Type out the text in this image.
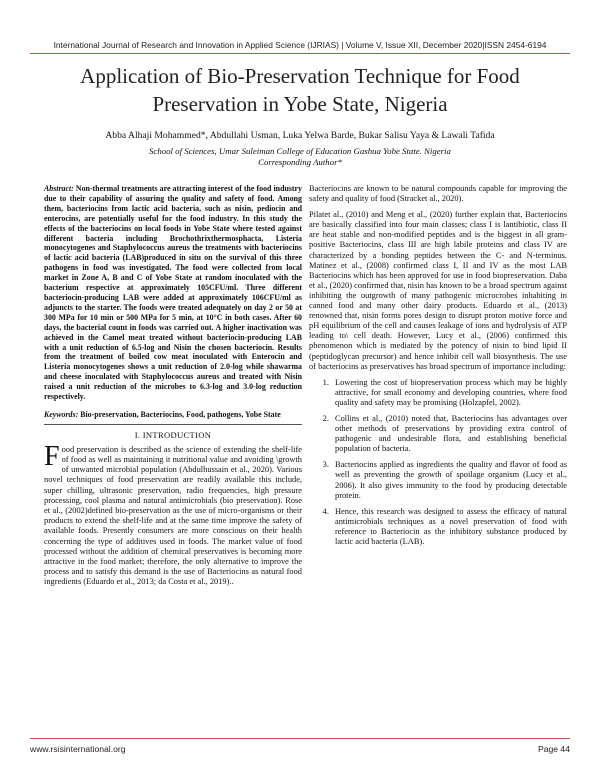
International Journal of Research and Innovation in Applied Science (IJRIAS) | Volume V, Issue XII, December 2020|ISSN 2454-6194
Application of Bio-Preservation Technique for Food
Preservation in Yobe State, Nigeria
Abba Alhaji Mohammed*, Abdullahi Usman, Luka Yelwa Barde, Bukar Salisu Yaya & Lawali Tafida
School of Sciences, Umar Suleiman College of Education Gashua Yobe State. Nigeria
Corresponding Author*
Abstract: Non-thermal treatments are attracting interest of the food industry due to their capability of assuring the quality and safety of food. Among them, bacteriocins from lactic acid bacteria, such as nisin, pediocin and enterocins, are potentially useful for the food industry. In this study the effects of the bacteriocins on local foods in Yobe State where tested against different bacteria including Brochothrixthermosphacta, Listeria monocytogenes and Staphylococcus aureus the treatments with bacteriocins of lactic acid bacteria (LAB)produced in situ on the survival of this three pathogens in food was investigated. The food were collected from local market in Zone A, B and C of Yobe State at random inoculated with the bacterium respective at approximately 105CFU/ml. Three different bacteriocin-producing LAB were added at approximately 106CFU/ml as adjuncts to the starter. The foods were treated adequately on day 2 or 50 at 300 MPa for 10 min or 500 MPa for 5 min, at 10°C in both cases. After 60 days, the bacterial count in foods was carried out. A higher inactivation was achieved in the Camel meat treated without bacteriocin-producing LAB with a unit reduction of 6.5-log and Nisin the chosen bacteriocin. Results from the treatment of boiled cow meat inoculated with Enterocin and Listeria monocytogenes shows a unit reduction of 2.0-log while shawarma and cheese inoculated with Staphylococcus aureus and treated with Nisin raised a unit reduction of the microbes to 6.3-log and 3.0-log reduction respectively.
Keywords: Bio-preservation, Bacteriocins, Food, pathogens, Yobe State
I. INTRODUCTION
Food preservation is described as the science of extending the shelf-life of food as well as maintaining it nutritional value and avoiding \growth of unwanted microbial population (Abdulhussain et al., 2020). Various novel techniques of food preservation are readily available this include, super chilling, ultrasonic preservation, radio frequencies, high pressure processing, cool plasma and natural antimicrobials (bio preservation). Rose et al., (2002)defined bio-preservation as the use of micro-organisms or their products to extend the shelf-life and at the same time improve the safety of available foods. Presently consumers are more conscious on their health concerning the type of additives used in foods. The market value of food processed without the addition of chemical preservatives is becoming more attractive in the food market; therefore, the only alternative to improve the process and to satisfy this demand is the use of Bacteriocins as natural food ingredients (Eduardo et al., 2013; da Costa et al., 2019)..

Bacteriocins are known to be natural compounds capable for improving the safety and quality of food (Stracket al., 2020).

Pilatet al., (2010) and Meng et al., (2020) further explain that, Bacteriocins are basically classified into four main classes; class I is lantibiotic, class II are heat stable and non-modified peptides and is the biggest in all gram-positive Bacteriocins, class III are high labile proteins and class IV are characterized by a bonding peptides between the C- and N-terminus. Matinez et al., (2008) confirmed class I, II and IV as the most LAB Bacteriocins which has been approved for use in food biopreservation. Daba et al., (2020) confirmed that, nisin has known to be a broad spectrum against inhibiting the outgrowth of many pathogenic microcrobes inhabiting in canned food and many other dairy products. Eduardo et al., (2013) renowned that, nisin forms pores design to disrupt proton motive force and pH equilibrium of the cell and causes leakage of ions and hydrolysis of ATP leading to\ cell death. However, Lucy et al., (2006) confirmed this phenomenon which is mediated by the potency of nisin to bind lipid II (peptidoglycan precursor) and hence inhibit cell wall biosynthesis. The use of bacteriocins as preservatives has broad spectrum of importance including:

1. Lowering the cost of biopreservation process which may be highly attractive, for small economy and developing countries, where food quality and safety may be promising (Holzapfel, 2002).
2. Collins et al., (2010) noted that, Bacteriocins has advantages over other methods of preservations by providing extra control of pathogenic and undesirable flora, and establishing beneficial population of bacteria.
3. Bacteriocins applied as ingredients the quality and flavor of food as well as preventing the growth of spoilage organism (Lucy et al., 2006). It also gives immunity to the food by producing detectable protein.
4. Hence, this research was designed to assess the efficacy of natural antimicrobials techniques as a novel preservation of food with reference to Bacteriocin as the inhibitory substance produced by lactic acid bacteria (LAB).
www.rsisinternational.org	Page 44
